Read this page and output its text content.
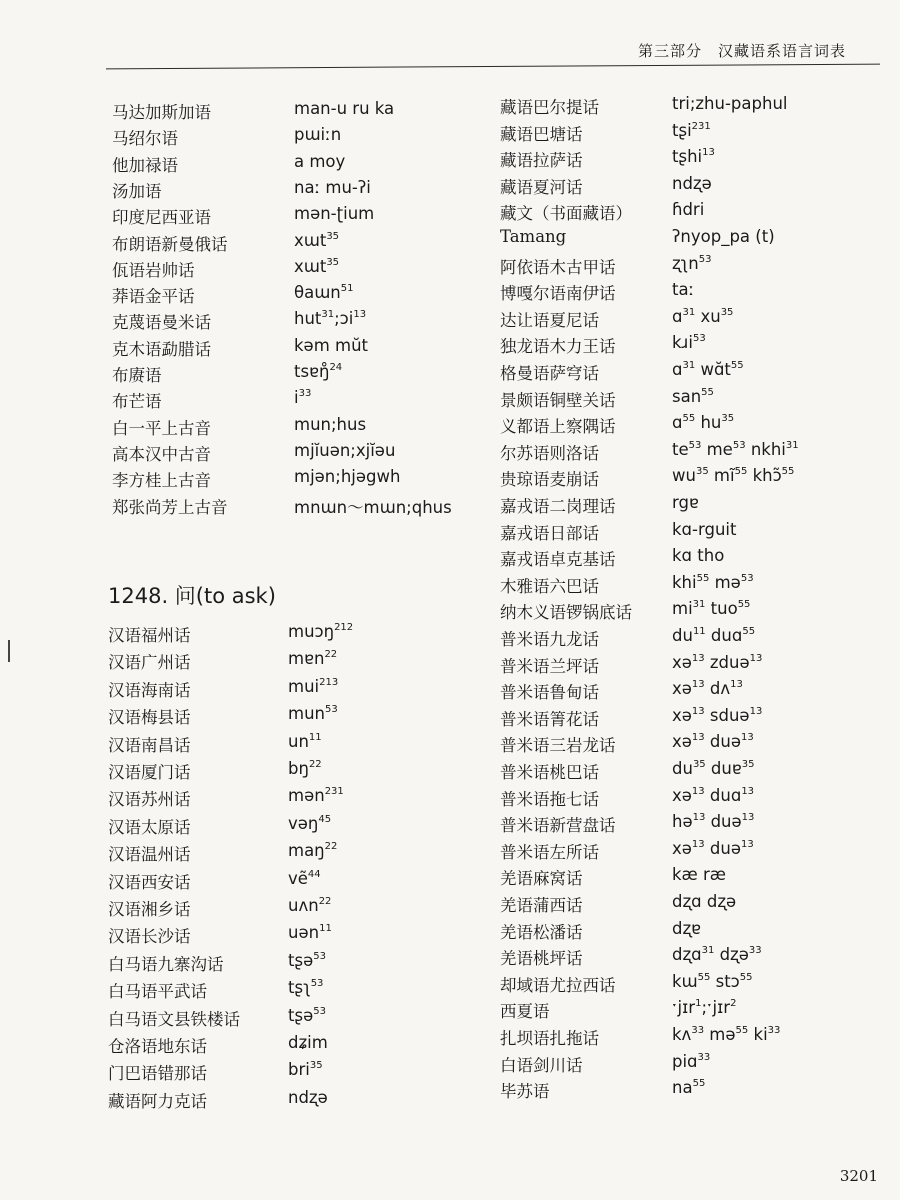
第三部分　汉藏语系语言词表
马达加斯加语	man-u ru ka
马绍尔语	pɯiːn
他加禄语	a moy
汤加语	naː mu-ʔi
印度尼西亚语	mən-ʈium
布朗语新曼俄话	xɯt$^{35}$
佤语岩帅话	xɯt$^{35}$
莽语金平话	θaɯn$^{51}$
克蔑语曼米话	hut$^{31}$;ɔi$^{13}$
克木语勐腊话	kəm mŭt
布赓语	tsɐŋ̊$^{24}$
布芒语	$i^{33}$
白一平上古音	mun;hus
高本汉中古音	mjĭuən;xjĭəu
李方桂上古音	mjən;hjəgwh
郑张尚芳上古音	mnɯn～mɯn;qhus
汉语福州话	muɔŋ$^{212}$
汉语广州话	mɐn$^{22}$
汉语海南话	mui$^{213}$
汉语梅县话	mun$^{53}$
汉语南昌话	$un^{11}$
汉语厦门话	$bŋ^{22}$
汉语苏州话	mən$^{231}$
汉语太原话	vəŋ$^{45}$
汉语温州话	maŋ$^{22}$
汉语西安话	vẽ$^{44}$
汉语湘乡话	uʌn$^{22}$
汉语长沙话	uən$^{11}$
白马语九寨沟话	tʂə$^{53}$
白马语平武话	tʂʅ$^{53}$
白马语文县铁楼话	tʂə$^{53}$
仓洛语地东话	dʑim
门巴语错那话	bri$^{35}$
藏语阿力克话	ndʐə
藏语巴尔提话	tri;zhu-paphul
藏语巴塘话	tʂi$^{231}$
藏语拉萨话	tʂhi$^{13}$
藏语夏河话	ndʐə
藏文（书面藏语） ɦdri
Tamang	ʔnyop_pa (t)
阿依语木古甲话	ʐʅn$^{53}$
博嘎尔语南伊话	taː
达让语夏尼话	ɑ$^{31}$ $xu^{35}$
独龙语木力王话	kɹi$^{53}$
格曼语萨穹话	ɑ$^{31}$ $wɑ̆t^{55}$
景颇语铜壁关话	san$^{55}$
义都语上察隅话	ɑ$^{55}$ $hu^{35}$
尔苏语则洛话	$te^{53}$ $me^{53}$ nkhi$^{31}$
贵琼语麦崩话	$wu^{35}$ $mĩ^{55}$ khɔ̃$^{55}$
嘉戎语二岗理话	rgɐ
嘉戎语日部话	kɑ-rguit
嘉戎语卓克基话	kɑ tho
木雅语六巴话	khi$^{55}$ mə$^{53}$
纳木义语锣锅底话 $mi^{31}$ tuo$^{55}$
普米语九龙话	$du^{11}$ duɑ$^{55}$
普米语兰坪话	xə$^{13}$ zduə$^{13}$
普米语鲁甸话	xə$^{13}$ dʌ$^{13}$
普米语箐花话	xə$^{13}$ sduə$^{13}$
普米语三岩龙话	xə$^{13}$ duə$^{13}$
普米语桃巴话	$du^{35}$ duɐ$^{35}$
普米语拖七话	xə$^{13}$ duɑ$^{13}$
普米语新营盘话	hə$^{13}$ duə$^{13}$
普米语左所话	xə$^{13}$ duə$^{13}$
羌语麻窝话	kæ ræ
羌语蒲西话	dʐɑ dʐə
羌语松潘话	dʐɐ
羌语桃坪话	dʐɑ$^{31}$ dʐə$^{33}$
却域语尤拉西话	kɯ$^{55}$ stɔ$^{55}$
西夏语	ˑjɪr$^1$;ˑjɪr$^2$
扎坝语扎拖话	kʌ$^{33}$ mə$^{55}$ $ki^{33}$
白语剑川话	piɑ$^{33}$
毕苏语	$na^{55}$
1248. 问(to ask)
3201
